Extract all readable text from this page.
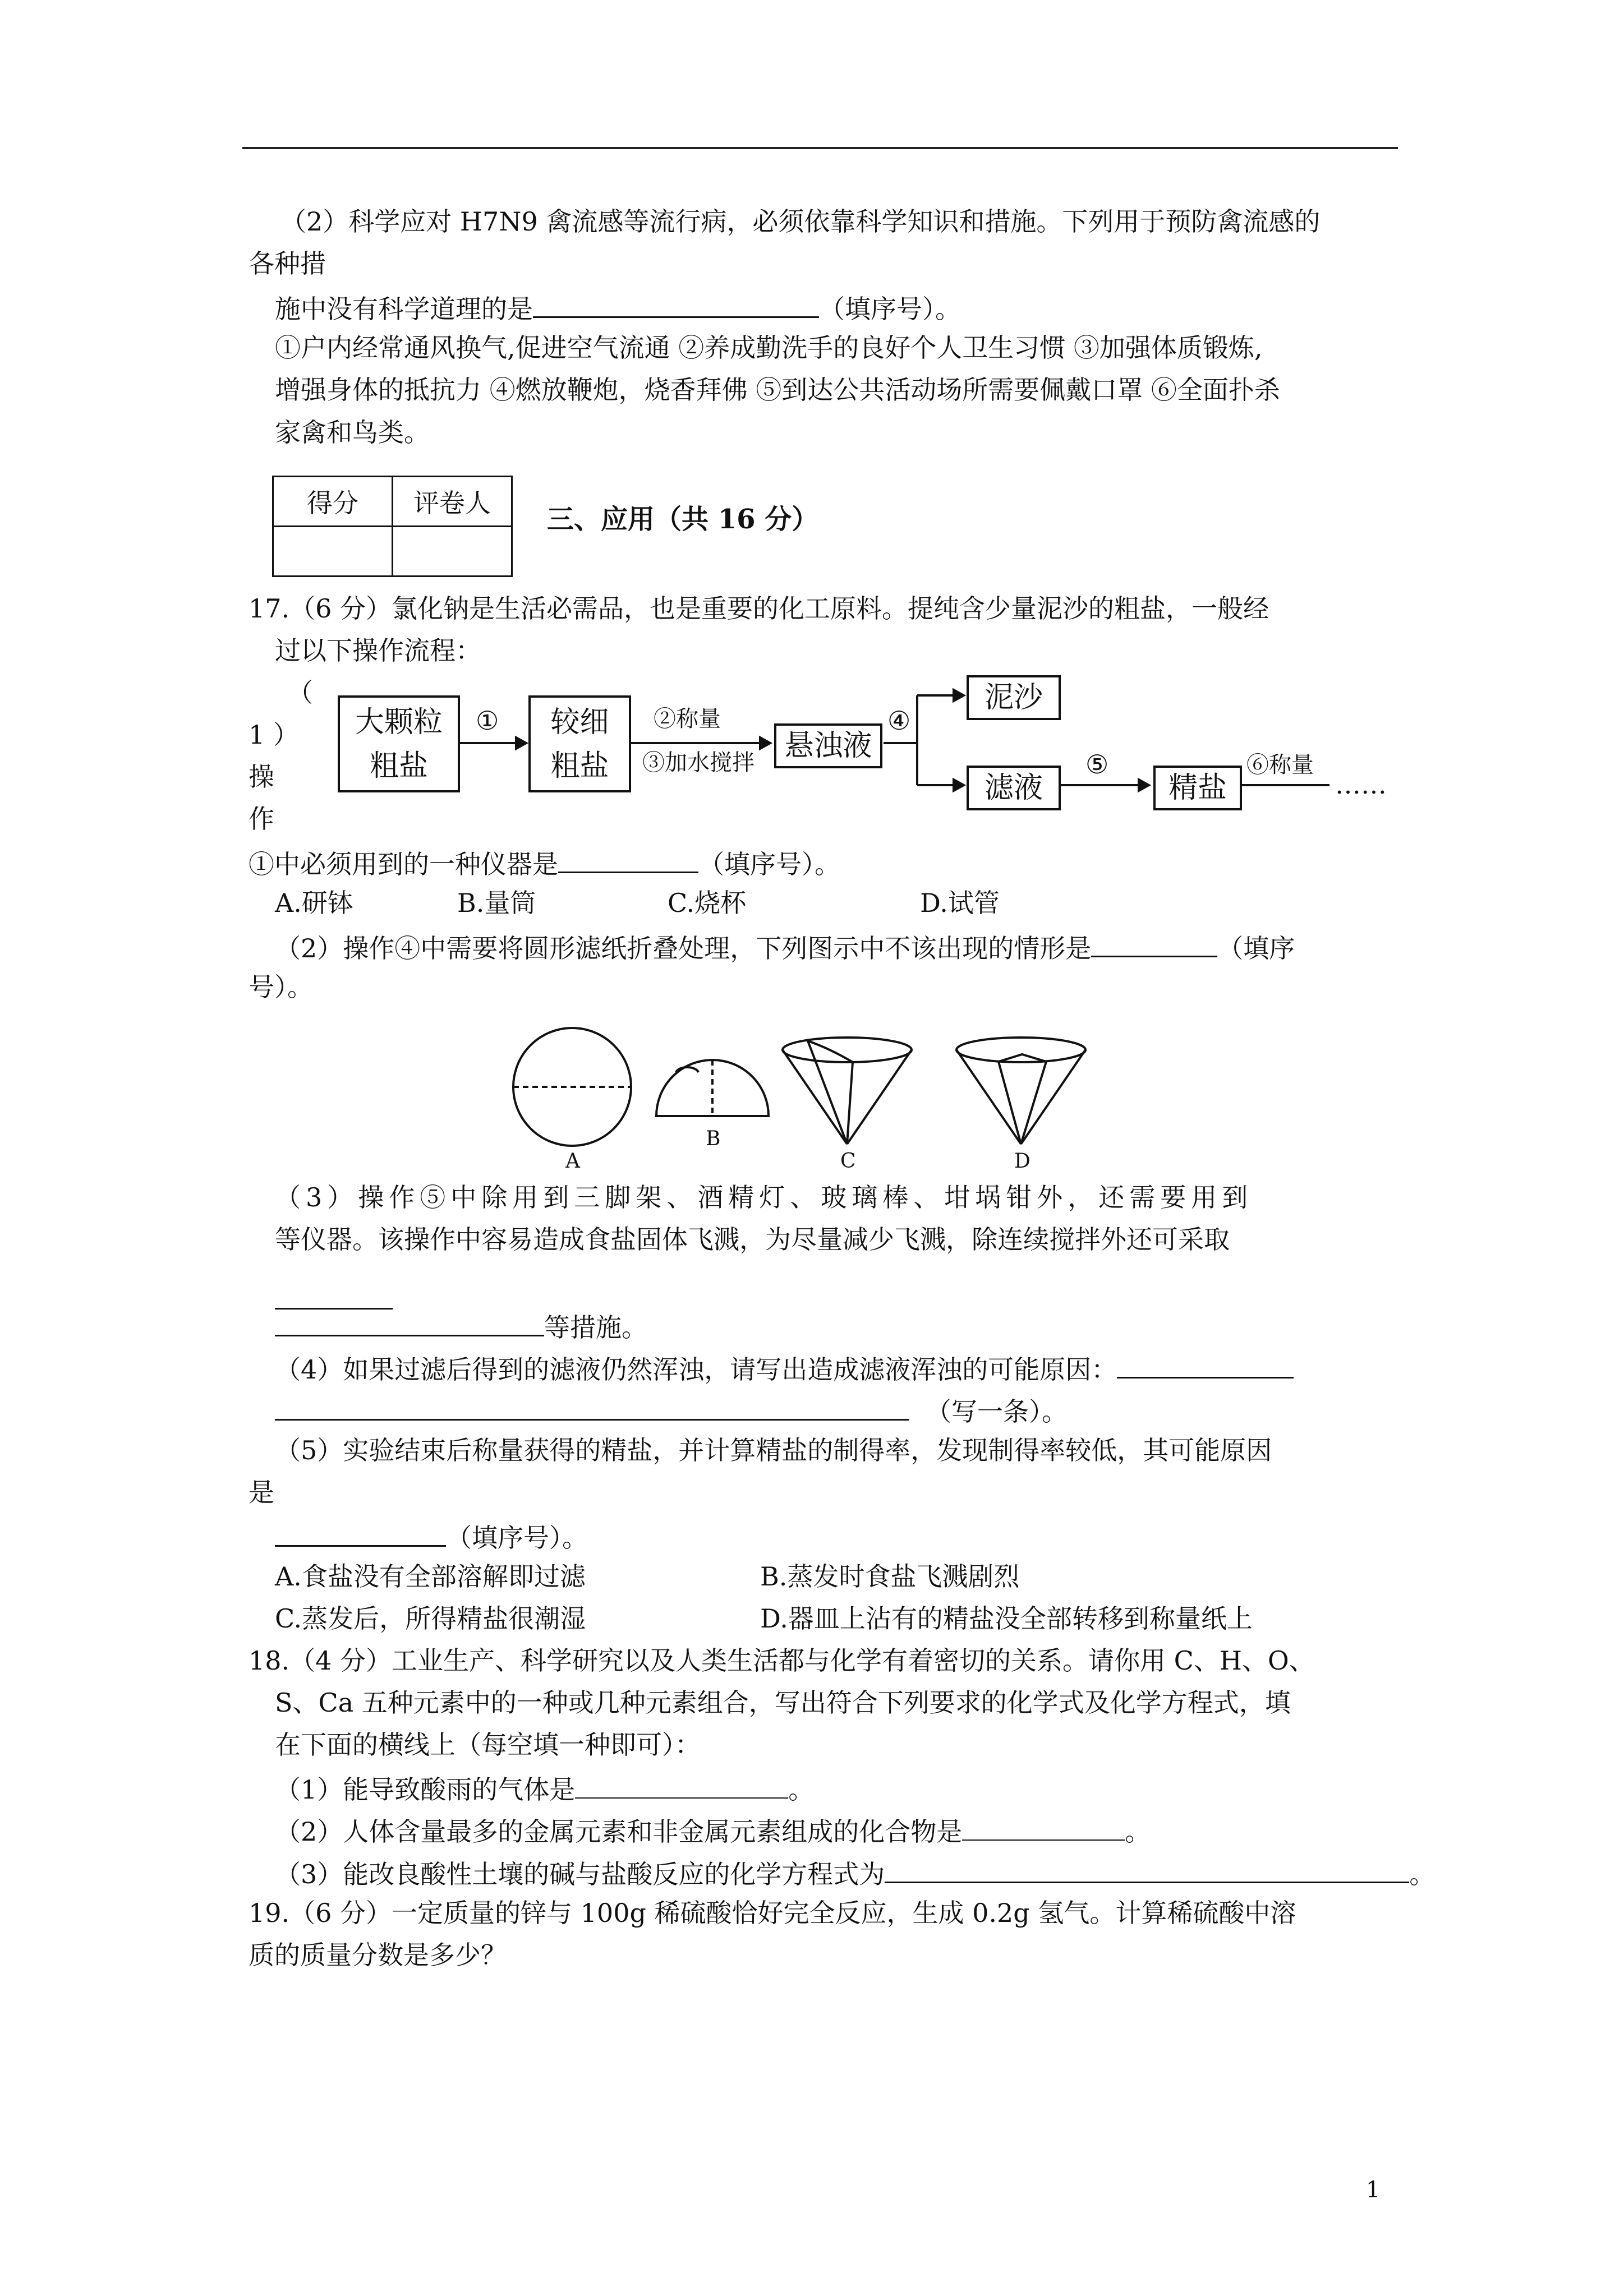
（2）科学应对 H7N9 禽流感等流行病，必须依靠科学知识和措施。下列用于预防禽流感的
各种措
施中没有科学道理的是	（填序号）。
①户内经常通风换气,促进空气流通 ②养成勤洗手的良好个人卫生习惯 ③加强体质锻炼,
增强身体的抵抗力 ④燃放鞭炮，烧香拜佛 ⑤到达公共活动场所需要佩戴口罩 ⑥全面扑杀
家禽和鸟类。
得分	评卷人

三、应用（共 16 分）
17.（6 分）氯化钠是生活必需品，也是重要的化工原料。提纯含少量泥沙的粗盐，一般经
过以下操作流程：
（
1 ）
操
作
大颗粒
粗盐
较细
粗盐
悬浊液
泥沙
滤液	精盐
①	②称量
③加水搅拌
④
⑤	⑥称量
……
①中必须用到的一种仪器是	（填序号）。
A.研钵	B.量筒	C.烧杯	D.试管
（2）操作④中需要将圆形滤纸折叠处理，下列图示中不该出现的情形是	（填序
号）。
A
B
C	D
（3）操作⑤中除用到三脚架、酒精灯、玻璃棒、坩埚钳外，还需要用到
等仪器。该操作中容易造成食盐固体飞溅，为尽量减少飞溅，除连续搅拌外还可采取
等措施。
（4）如果过滤后得到的滤液仍然浑浊，请写出造成滤液浑浊的可能原因：
（写一条）。
（5）实验结束后称量获得的精盐，并计算精盐的制得率，发现制得率较低，其可能原因
是
（填序号）。
A.食盐没有全部溶解即过滤	B.蒸发时食盐飞溅剧烈
C.蒸发后，所得精盐很潮湿	D.器皿上沾有的精盐没全部转移到称量纸上
18.（4 分）工业生产、科学研究以及人类生活都与化学有着密切的关系。请你用 C、H、O、
S、Ca 五种元素中的一种或几种元素组合，写出符合下列要求的化学式及化学方程式，填
在下面的横线上（每空填一种即可）：
（1）能导致酸雨的气体是	。
（2）人体含量最多的金属元素和非金属元素组成的化合物是	。
（3）能改良酸性土壤的碱与盐酸反应的化学方程式为	。
19.（6 分）一定质量的锌与 100g 稀硫酸恰好完全反应，生成 0.2g 氢气。计算稀硫酸中溶
质的质量分数是多少？
1
